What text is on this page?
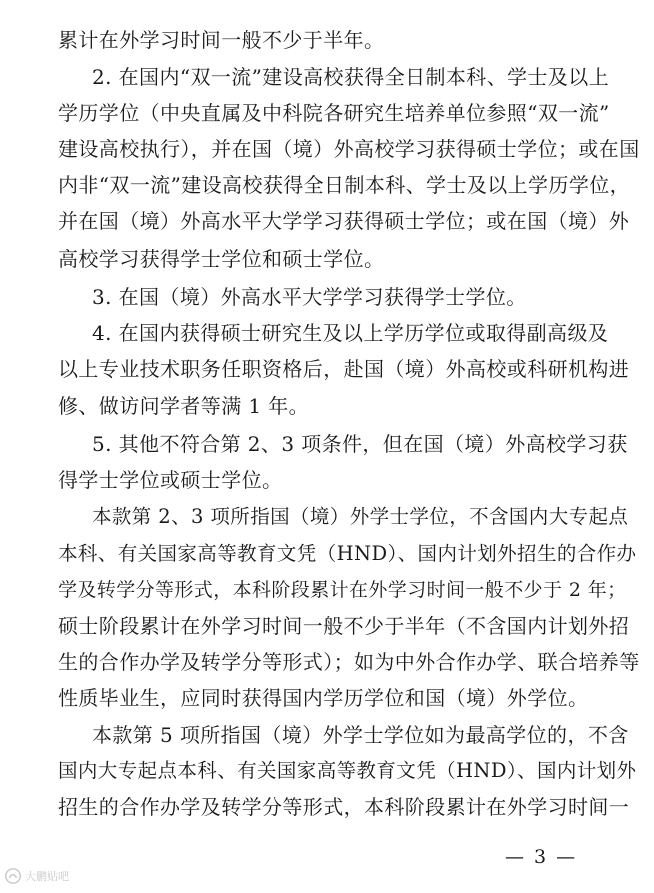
累计在外学习时间一般不少于半年。
2. 在国内“双一流”建设高校获得全日制本科、学士及以上
学历学位（中央直属及中科院各研究生培养单位参照“双一流”
建设高校执行），并在国（境）外高校学习获得硕士学位；或在国
内非“双一流”建设高校获得全日制本科、学士及以上学历学位，
并在国（境）外高水平大学学习获得硕士学位；或在国（境）外
高校学习获得学士学位和硕士学位。
3. 在国（境）外高水平大学学习获得学士学位。
4. 在国内获得硕士研究生及以上学历学位或取得副高级及
以上专业技术职务任职资格后，赴国（境）外高校或科研机构进
修、做访问学者等满 1 年。
5. 其他不符合第 2、3 项条件，但在国（境）外高校学习获
得学士学位或硕士学位。
本款第 2、3 项所指国（境）外学士学位，不含国内大专起点
本科、有关国家高等教育文凭（HND）、国内计划外招生的合作办
学及转学分等形式，本科阶段累计在外学习时间一般不少于 2 年；
硕士阶段累计在外学习时间一般不少于半年（不含国内计划外招
生的合作办学及转学分等形式）；如为中外合作办学、联合培养等
性质毕业生，应同时获得国内学历学位和国（境）外学位。
本款第 5 项所指国（境）外学士学位如为最高学位的，不含
国内大专起点本科、有关国家高等教育文凭（HND）、国内计划外
招生的合作办学及转学分等形式，本科阶段累计在外学习时间一
— 3 —
大鹏贴吧
